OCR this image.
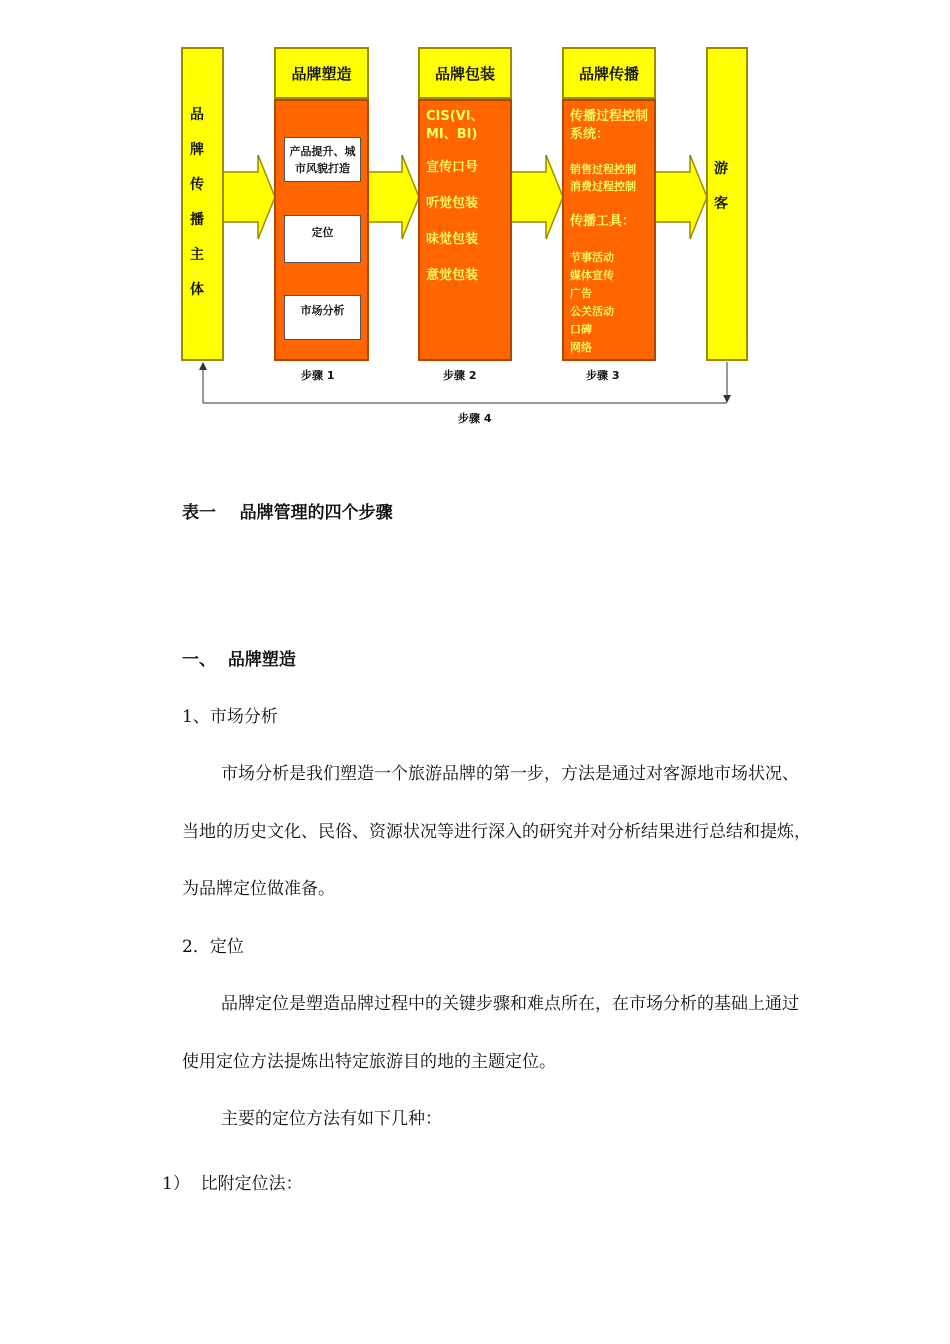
品
牌
传
播
主
体
品牌塑造
产品提升、城市风貌打造
定位
市场分析
步骤 1
品牌包装
CIS(VI、MI、BI)
宣传口号
听觉包装
味觉包装
意觉包装
步骤 2
品牌传播
传播过程控制系统：
销售过程控制
消费过程控制
传播工具：
节事活动
媒体宣传
广告
公关活动
口碑
网络
步骤 3
游
客
步骤 4
表一    品牌管理的四个步骤
一、  品牌塑造
1、市场分析
市场分析是我们塑造一个旅游品牌的第一步，方法是通过对客源地市场状况、
当地的历史文化、民俗、资源状况等进行深入的研究并对分析结果进行总结和提炼，
为品牌定位做准备。
2．定位
品牌定位是塑造品牌过程中的关键步骤和难点所在，在市场分析的基础上通过
使用定位方法提炼出特定旅游目的地的主题定位。
主要的定位方法有如下几种：
1）  比附定位法：
